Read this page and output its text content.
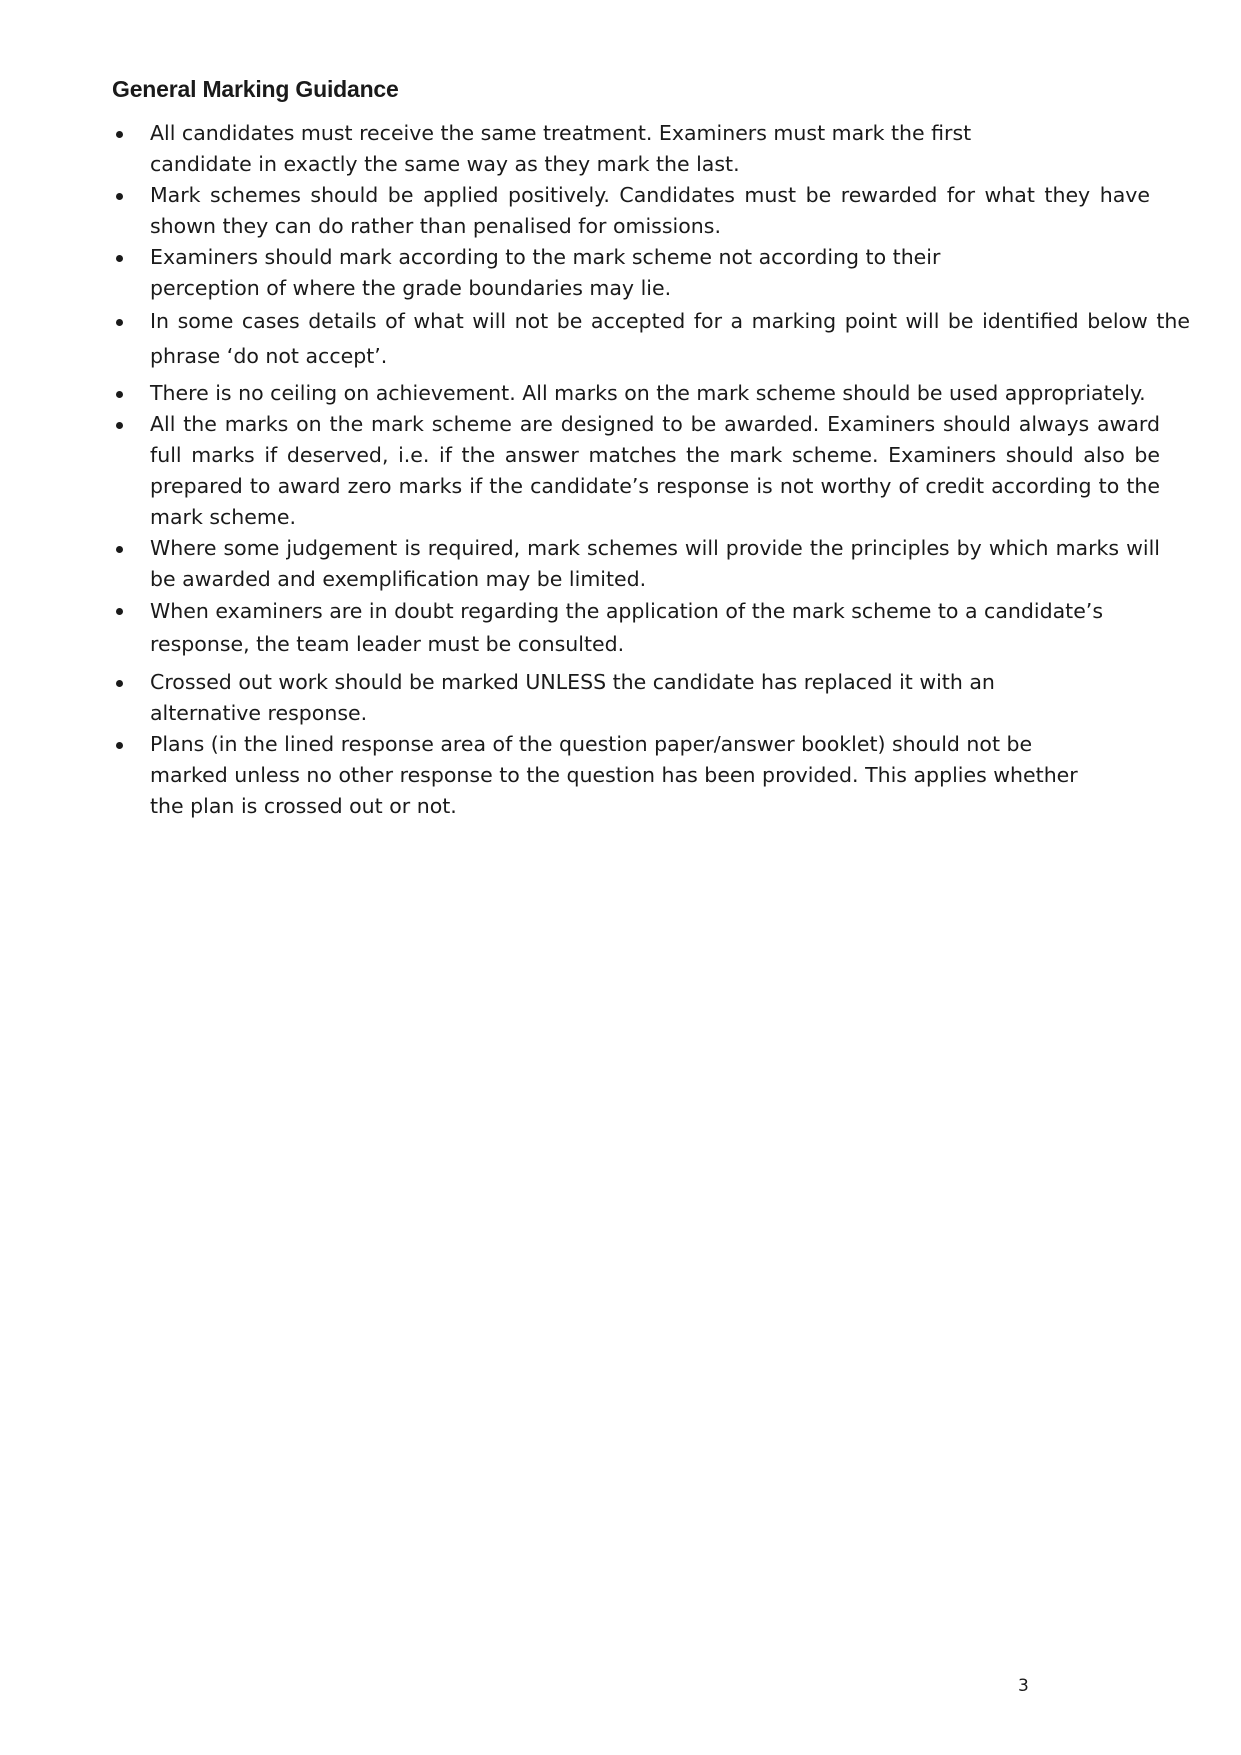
General Marking Guidance
All candidates must receive the same treatment. Examiners must mark the first candidate in exactly the same way as they mark the last.
Mark schemes should be applied positively. Candidates must be rewarded for what they have shown they can do rather than penalised for omissions.
Examiners should mark according to the mark scheme not according to their perception of where the grade boundaries may lie.
In some cases details of what will not be accepted for a marking point will be identified below the phrase ‘do not accept’.
There is no ceiling on achievement. All marks on the mark scheme should be used appropriately.
All the marks on the mark scheme are designed to be awarded. Examiners should always award full marks if deserved, i.e. if the answer matches the mark scheme. Examiners should also be prepared to award zero marks if the candidate’s response is not worthy of credit according to the mark scheme.
Where some judgement is required, mark schemes will provide the principles by which marks will be awarded and exemplification may be limited.
When examiners are in doubt regarding the application of the mark scheme to a candidate’s response, the team leader must be consulted.
Crossed out work should be marked UNLESS the candidate has replaced it with an alternative response.
Plans (in the lined response area of the question paper/answer booklet) should not be marked unless no other response to the question has been provided. This applies whether the plan is crossed out or not.
3
